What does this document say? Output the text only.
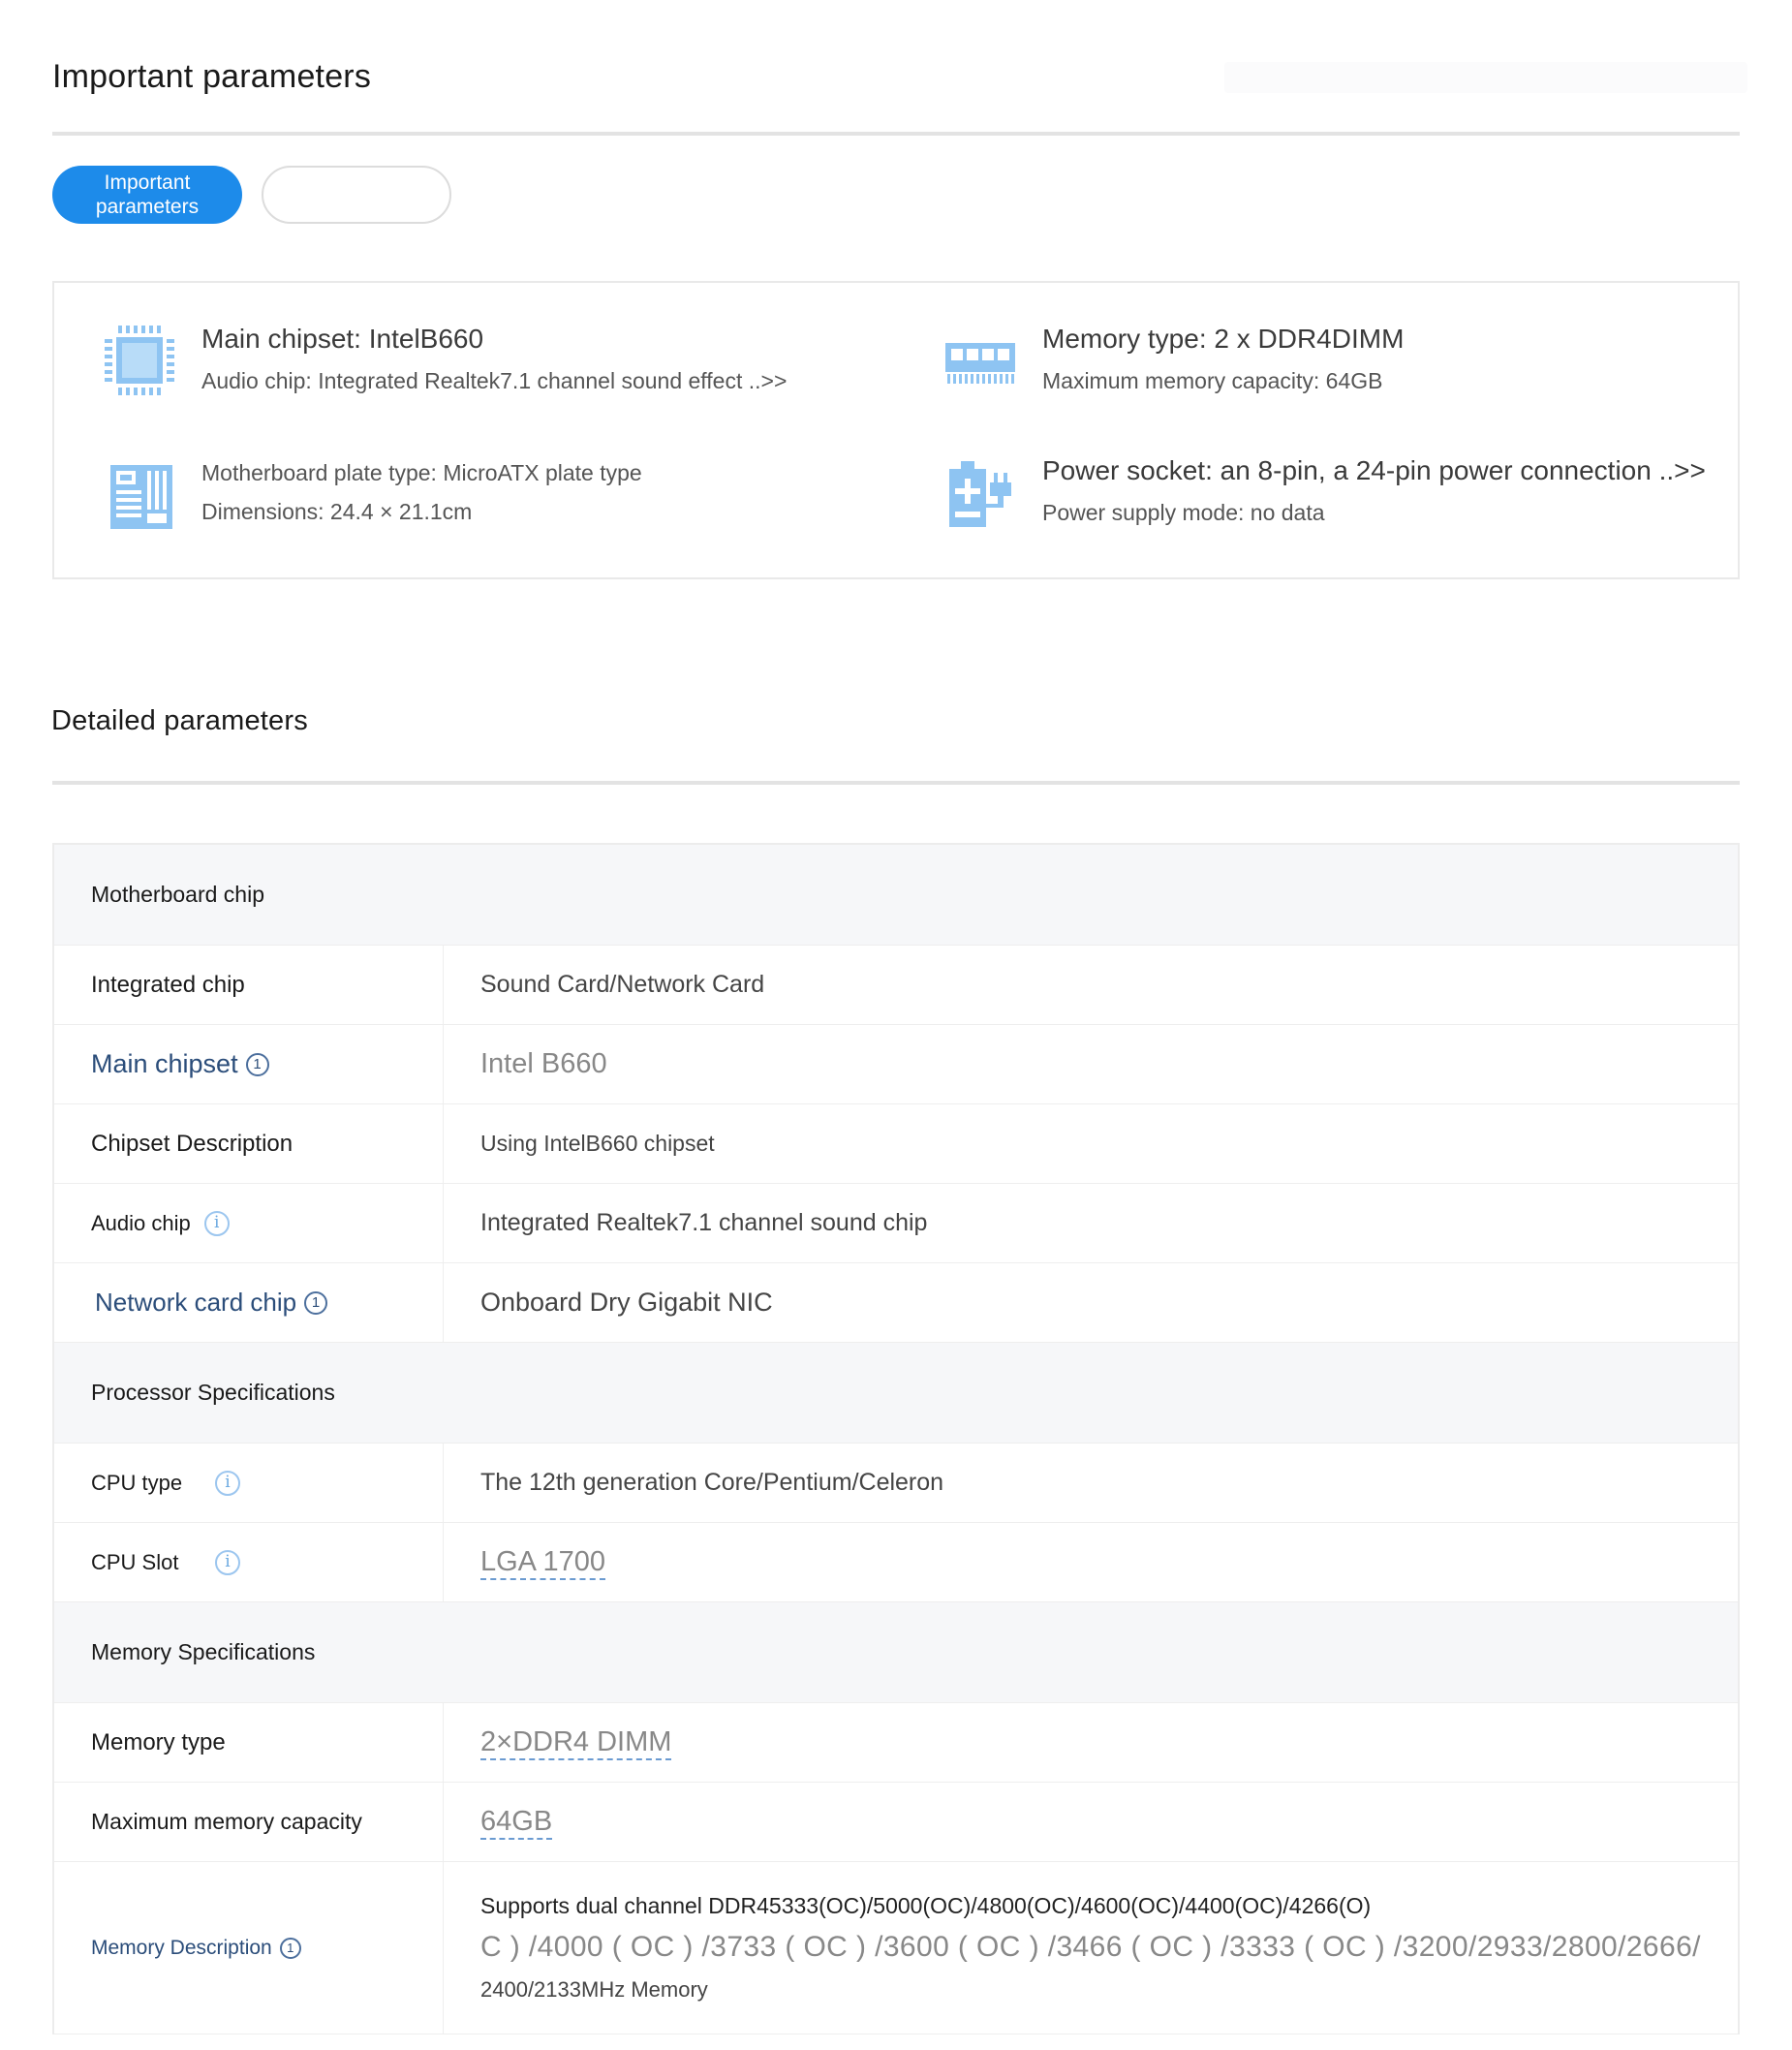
Important parameters
Important
parameters
Main chipset: IntelB660
Audio chip: Integrated Realtek7.1 channel sound effect ..>>
Memory type: 2 x DDR4DIMM
Maximum memory capacity: 64GB
Motherboard plate type: MicroATX plate type
Dimensions: 24.4 × 21.1cm
Power socket: an 8-pin, a 24-pin power connection ..>>
Power supply mode: no data
Detailed parameters
Motherboard chip
Integrated chip	Sound Card/Network Card
Main chipset	1	Intel B660
Chipset Description	Using IntelB660 chipset
Audio chip	i	Integrated Realtek7.1 channel sound chip
Network card chip	1	Onboard Dry Gigabit NIC
Processor Specifications
CPU type	i	The 12th generation Core/Pentium/Celeron
CPU Slot	i	LGA 1700
Memory Specifications
Memory type	2×DDR4 DIMM
Maximum memory capacity	64GB
Memory Description	1
Supports dual channel DDR45333(OC)/5000(OC)/4800(OC)/4600(OC)/4400(OC)/4266(O)
C ) /4000 ( OC ) /3733 ( OC ) /3600 ( OC ) /3466 ( OC ) /3333 ( OC ) /3200/2933/2800/2666/
2400/2133MHz Memory
